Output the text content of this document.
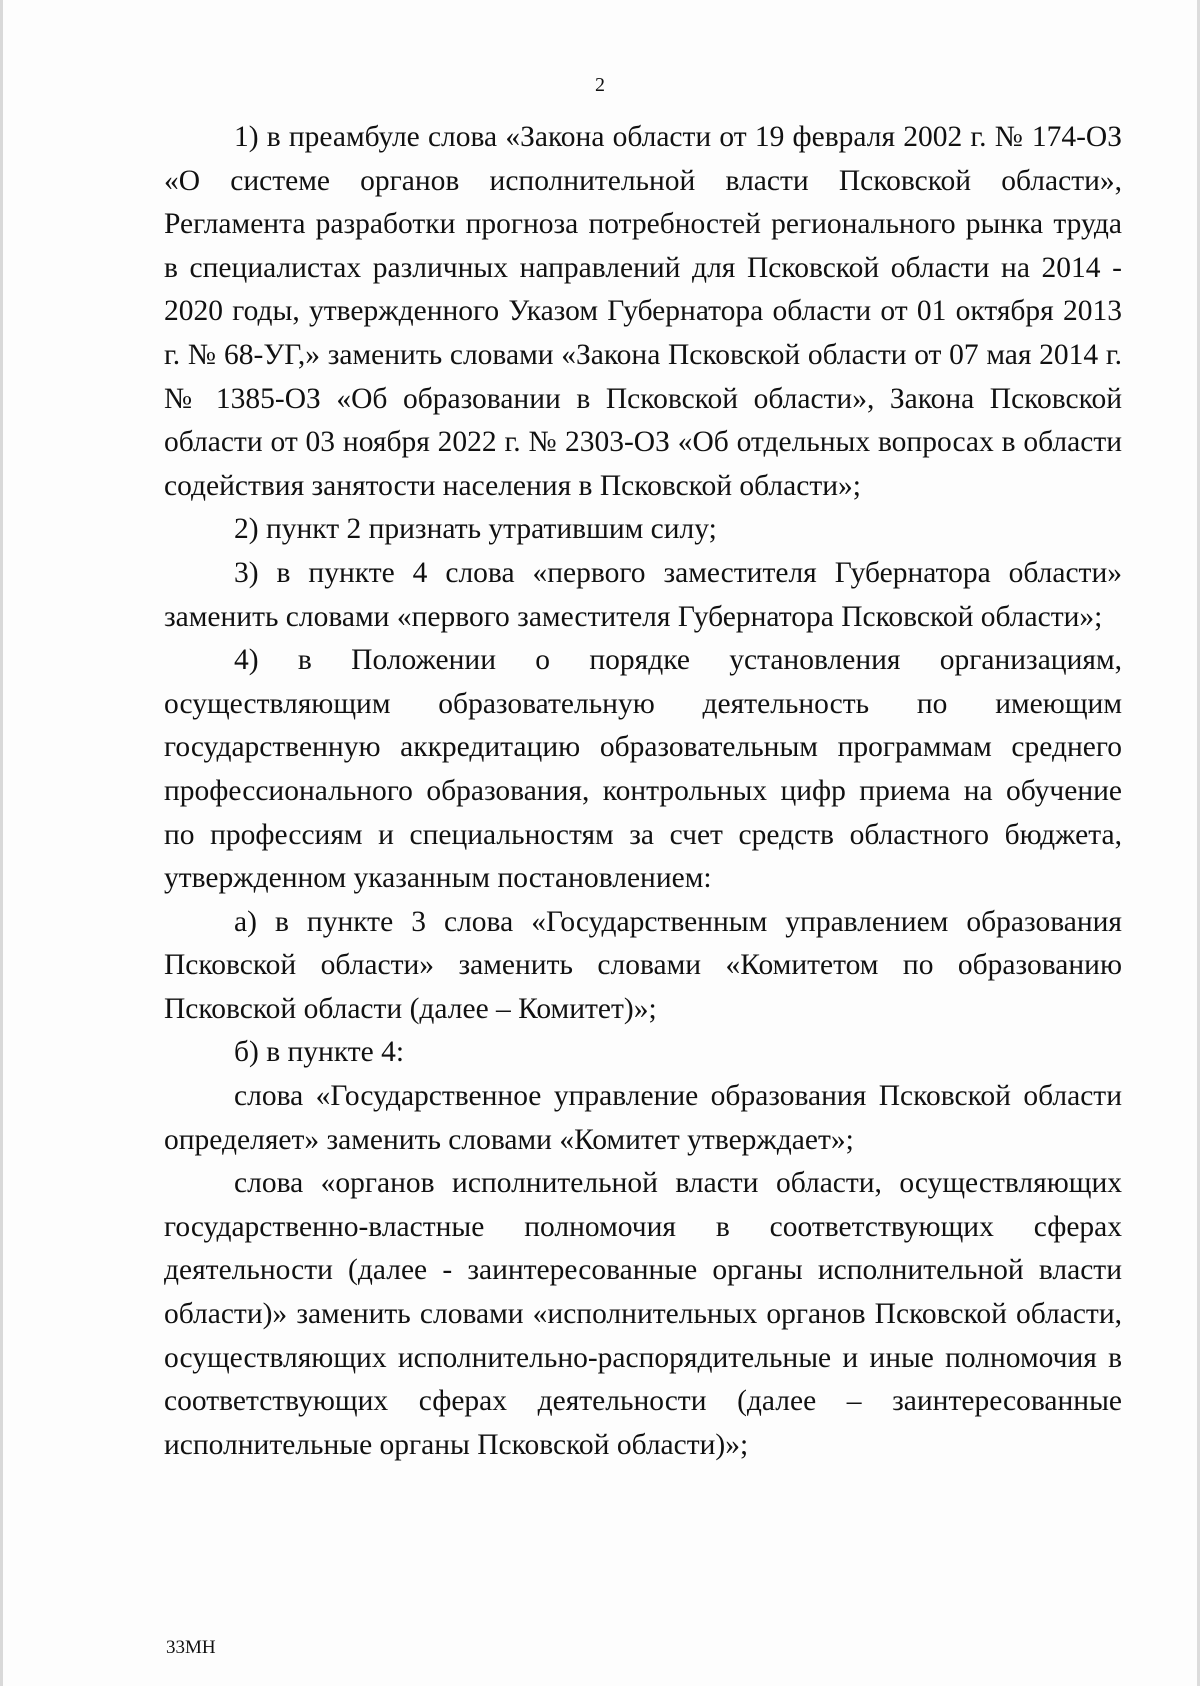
2

1) в преамбуле слова «Закона области от 19 февраля 2002 г. № 174-ОЗ «О системе органов исполнительной власти Псковской области», Регламента разработки прогноза потребностей регионального рынка труда в специалистах различных направлений для Псковской области на 2014 - 2020 годы, утвержденного Указом Губернатора области от 01 октября 2013 г. № 68-УГ,» заменить словами «Закона Псковской области от 07 мая 2014 г. № 1385-ОЗ «Об образовании в Псковской области», Закона Псковской области от 03 ноября 2022 г. № 2303-ОЗ «Об отдельных вопросах в области содействия занятости населения в Псковской области»;

2) пункт 2 признать утратившим силу;

3) в пункте 4 слова «первого заместителя Губернатора области» заменить словами «первого заместителя Губернатора Псковской области»;

4) в Положении о порядке установления организациям, осуществляющим образовательную деятельность по имеющим государственную аккредитацию образовательным программам среднего профессионального образования, контрольных цифр приема на обучение по профессиям и специальностям за счет средств областного бюджета, утвержденном указанным постановлением:

а) в пункте 3 слова «Государственным управлением образования Псковской области» заменить словами «Комитетом по образованию Псковской области (далее – Комитет)»;

б) в пункте 4:

слова «Государственное управление образования Псковской области определяет» заменить словами «Комитет утверждает»;

слова «органов исполнительной власти области, осуществляющих государственно-властные полномочия в соответствующих сферах деятельности (далее - заинтересованные органы исполнительной власти области)» заменить словами «исполнительных органов Псковской области, осуществляющих исполнительно-распорядительные и иные полномочия в соответствующих сферах деятельности (далее – заинтересованные исполнительные органы Псковской области)»;

33МН
